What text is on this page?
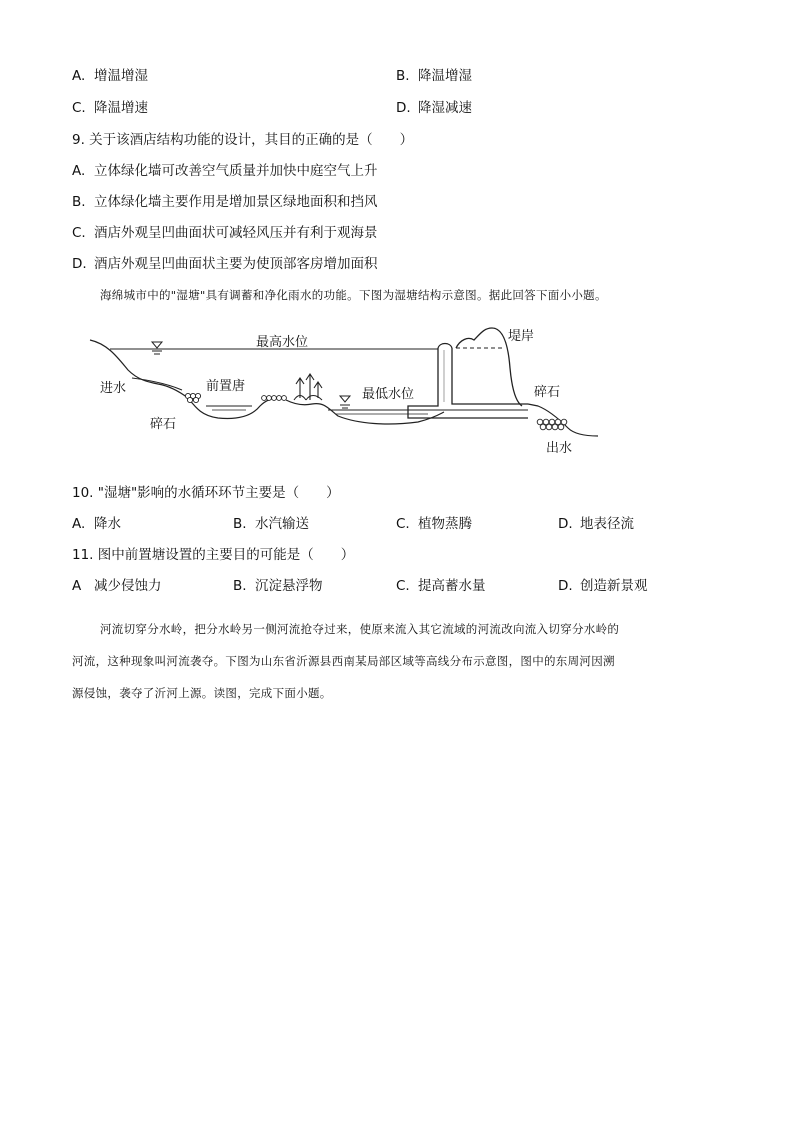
A. 增温增湿	B. 降温增湿
C. 降温增速	D. 降湿减速
9. 关于该酒店结构功能的设计，其目的正确的是（　　）
A. 立体绿化墙可改善空气质量并加快中庭空气上升
B. 立体绿化墙主要作用是增加景区绿地面积和挡风
C. 酒店外观呈凹曲面状可减轻风压并有利于观海景
D. 酒店外观呈凹曲面状主要为使顶部客房增加面积
海绵城市中的"湿塘"具有调蓄和净化雨水的功能。下图为湿塘结构示意图。据此回答下面小小题。
最高水位
最低水位
前置唐
进水
碎石
堤岸
碎石
出水
10. "湿塘"影响的水循环环节主要是（　　）
A. 降水	B. 水汽输送	C. 植物蒸腾	D. 地表径流
11. 图中前置塘设置的主要目的可能是（　　）
A 减少侵蚀力	B. 沉淀悬浮物	C. 提高蓄水量	D. 创造新景观
河流切穿分水岭，把分水岭另一侧河流抢夺过来，使原来流入其它流域的河流改向流入切穿分水岭的
河流，这种现象叫河流袭夺。下图为山东省沂源县西南某局部区域等高线分布示意图，图中的东周河因溯
源侵蚀，袭夺了沂河上源。读图，完成下面小题。
